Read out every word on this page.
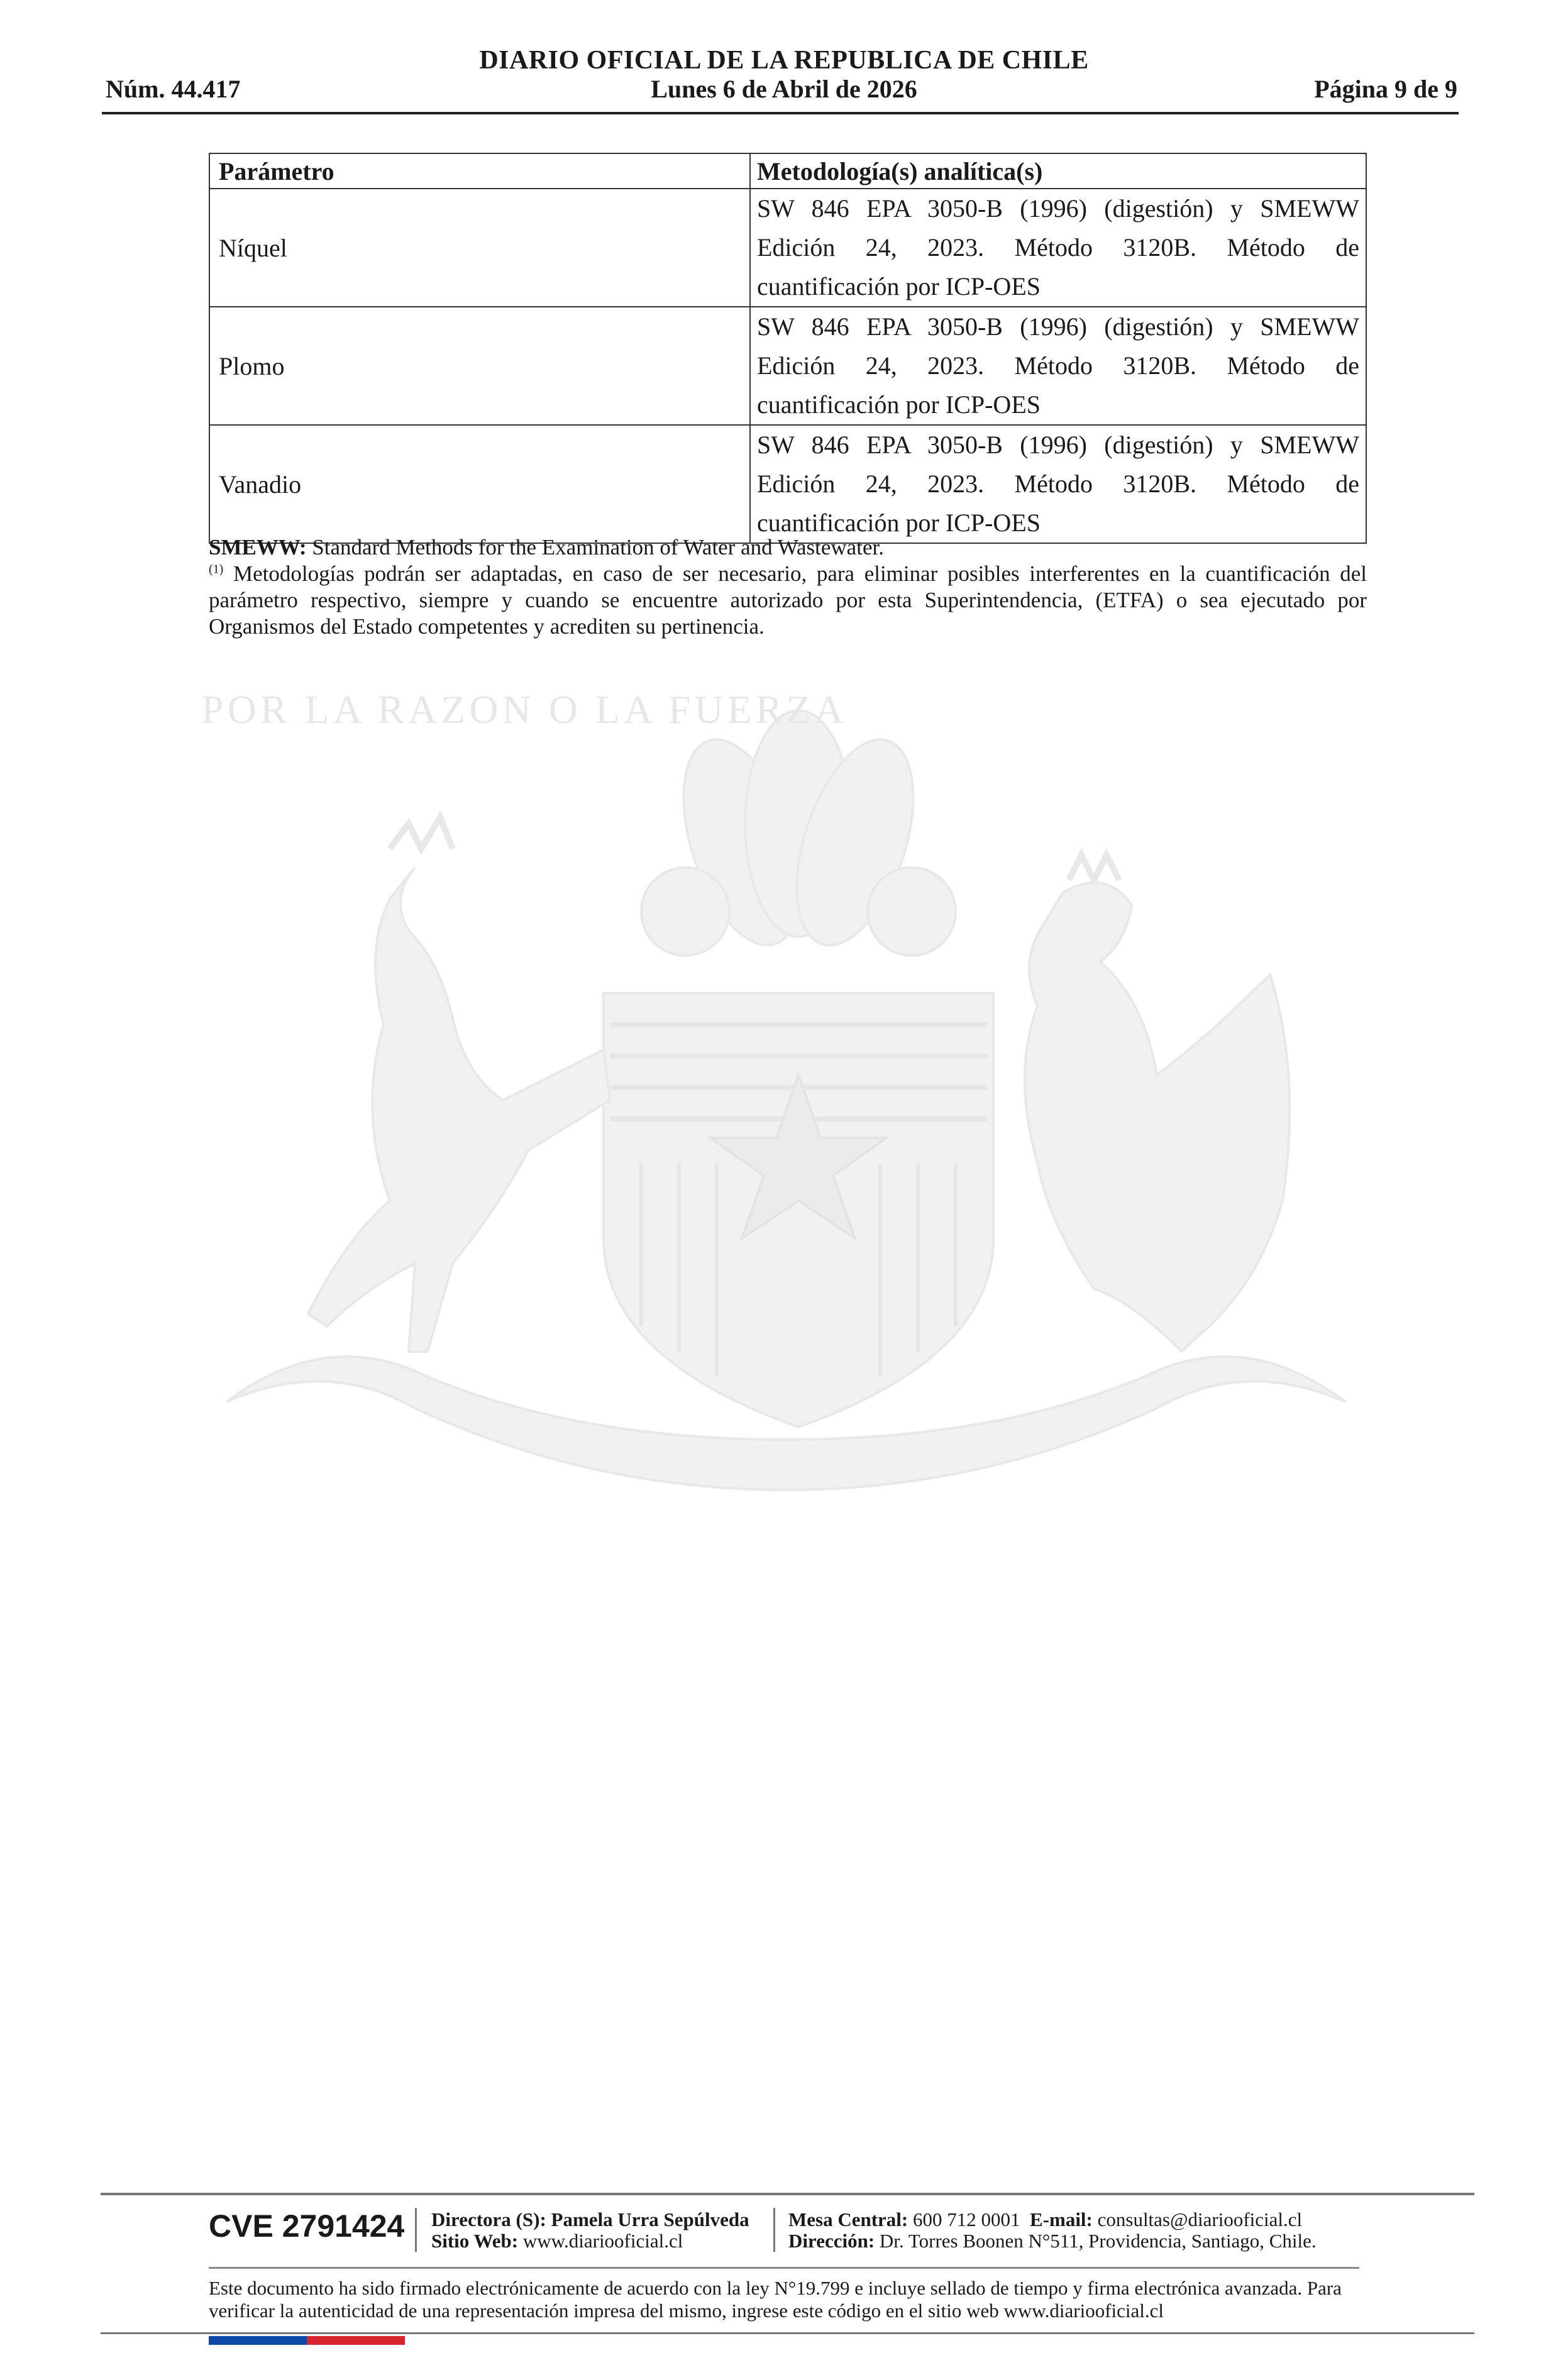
DIARIO OFICIAL DE LA REPUBLICA DE CHILE
Núm. 44.417	Lunes 6 de Abril de 2026	Página 9 de 9
Parámetro	Metodología(s) analítica(s)
Níquel	SW 846 EPA 3050-B (1996) (digestión) y SMEWW Edición 24, 2023. Método 3120B. Método de cuantificación por ICP-OES
Plomo	SW 846 EPA 3050-B (1996) (digestión) y SMEWW Edición 24, 2023. Método 3120B. Método de cuantificación por ICP-OES
Vanadio	SW 846 EPA 3050-B (1996) (digestión) y SMEWW Edición 24, 2023. Método 3120B. Método de cuantificación por ICP-OES
SMEWW: Standard Methods for the Examination of Water and Wastewater.
$^{(1)}$ Metodologías podrán ser adaptadas, en caso de ser necesario, para eliminar posibles interferentes en la cuantificación del parámetro respectivo, siempre y cuando se encuentre autorizado por esta Superintendencia, (ETFA) o sea ejecutado por Organismos del Estado competentes y acrediten su pertinencia.
POR LA RAZON O LA FUERZA
CVE 2791424 Directora (S): Pamela Urra Sepúlveda
Sitio Web: www.diariooficial.cl
Mesa Central: 600 712 0001 E-mail: consultas@diariooficial.cl
Dirección: Dr. Torres Boonen N°511, Providencia, Santiago, Chile.
Este documento ha sido firmado electrónicamente de acuerdo con la ley N°19.799 e incluye sellado de tiempo y firma electrónica avanzada. Para verificar la autenticidad de una representación impresa del mismo, ingrese este código en el sitio web www.diariooficial.cl
